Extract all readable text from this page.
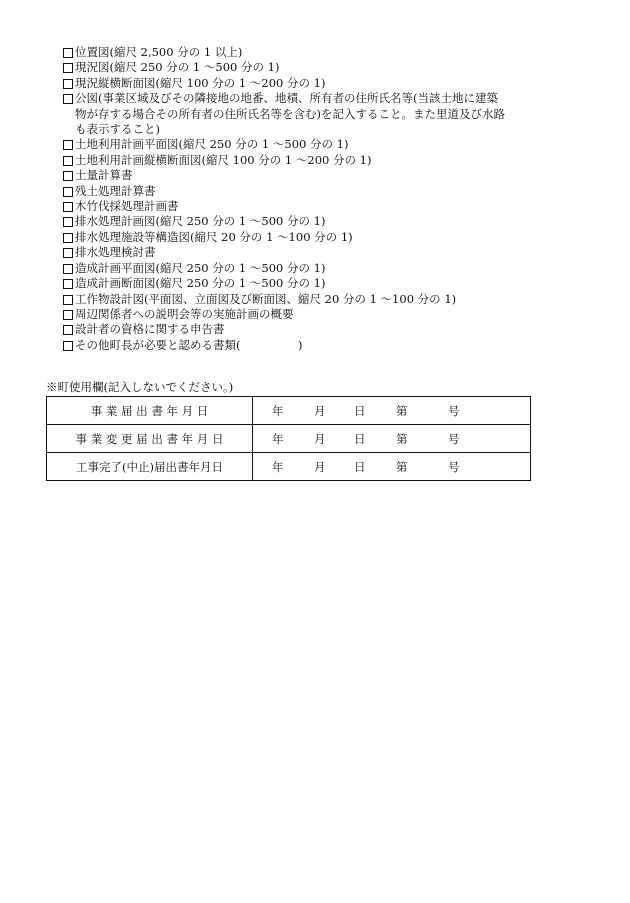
位置図(縮尺 2,500 分の 1 以上)
現況図(縮尺 250 分の 1 ～500 分の 1)
現況縦横断面図(縮尺 100 分の 1 ～200 分の 1)
公図(事業区域及びその隣接地の地番、地積、所有者の住所氏名等(当該土地に建築
物が存する場合その所有者の住所氏名等を含む)を記入すること。また里道及び水路
も表示すること)
土地利用計画平面図(縮尺 250 分の 1 ～500 分の 1)
土地利用計画縦横断面図(縮尺 100 分の 1 ～200 分の 1)
土量計算書
残土処理計算書
木竹伐採処理計画書
排水処理計画図(縮尺 250 分の 1 ～500 分の 1)
排水処理施設等構造図(縮尺 20 分の 1 ～100 分の 1)
排水処理検討書
造成計画平面図(縮尺 250 分の 1 ～500 分の 1)
造成計画断面図(縮尺 250 分の 1 ～500 分の 1)
工作物設計図(平面図、立面図及び断面図、縮尺 20 分の 1 ～100 分の 1)
周辺関係者への説明会等の実施計画の概要
設計者の資格に関する申告書
その他町長が必要と認める書類(　　　　　)
※町使用欄(記入しないでください。)
事 業 届 出 書 年 月 日	年 月 日 第 号

事 業 変 更 届 出 書 年 月 日	年 月 日 第 号

工事完了(中止)届出書年月日	年 月 日 第 号
